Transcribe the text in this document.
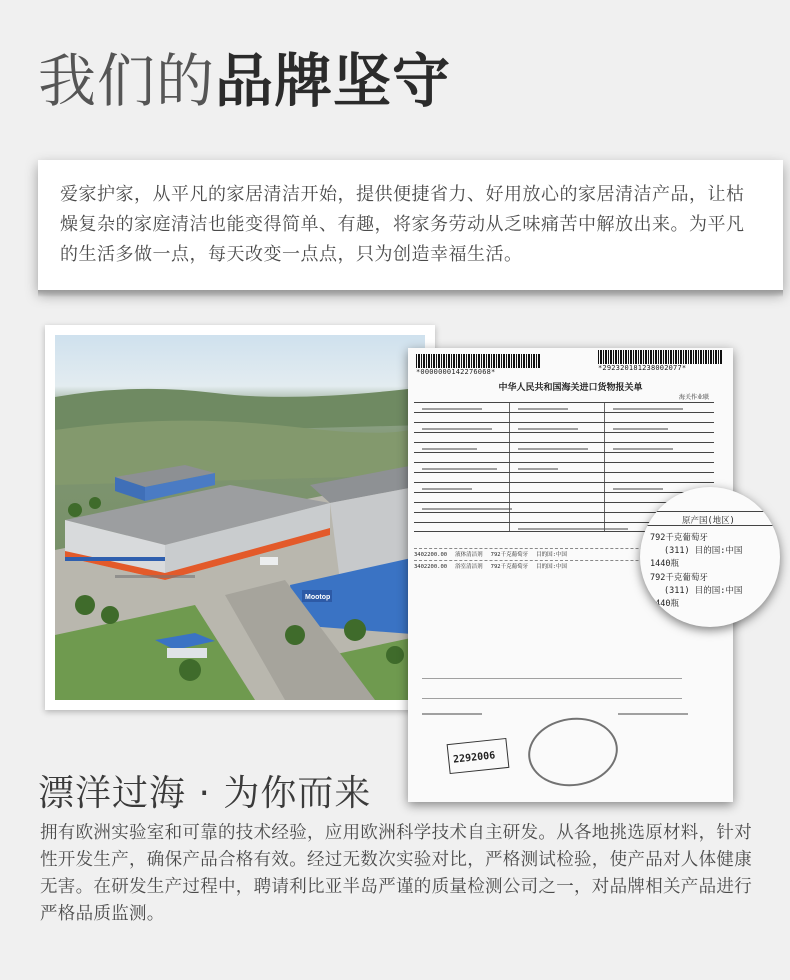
我们的品牌坚守

爱家护家，从平凡的家居清洁开始，提供便捷省力、好用放心的家居清洁产品，让枯燥复杂的家庭清洁也能变得简单、有趣，将家务劳动从乏味痛苦中解放出来。为平凡的生活多做一点，每天改变一点点，只为创造幸福生活。

Mootop
*0000000142276068*	*292320181238002077*
中华人民共和国海关进口货物报关单
海关作业联
3402200.00 液体清洁剂 792千克葡萄牙 目的国:中国
3402200.00 浴室清洁剂 792千克葡萄牙 目的国:中国
2292006
原产国(地区)
792千克葡萄牙
(311) 目的国:中国
1440瓶
792千克葡萄牙
(311) 目的国:中国
1440瓶
漂洋过海 · 为你而来

拥有欧洲实验室和可靠的技术经验，应用欧洲科学技术自主研发。从各地挑选原材料，针对性开发生产，确保产品合格有效。经过无数次实验对比，严格测试检验，使产品对人体健康无害。在研发生产过程中，聘请利比亚半岛严谨的质量检测公司之一，对品牌相关产品进行严格品质监测。
